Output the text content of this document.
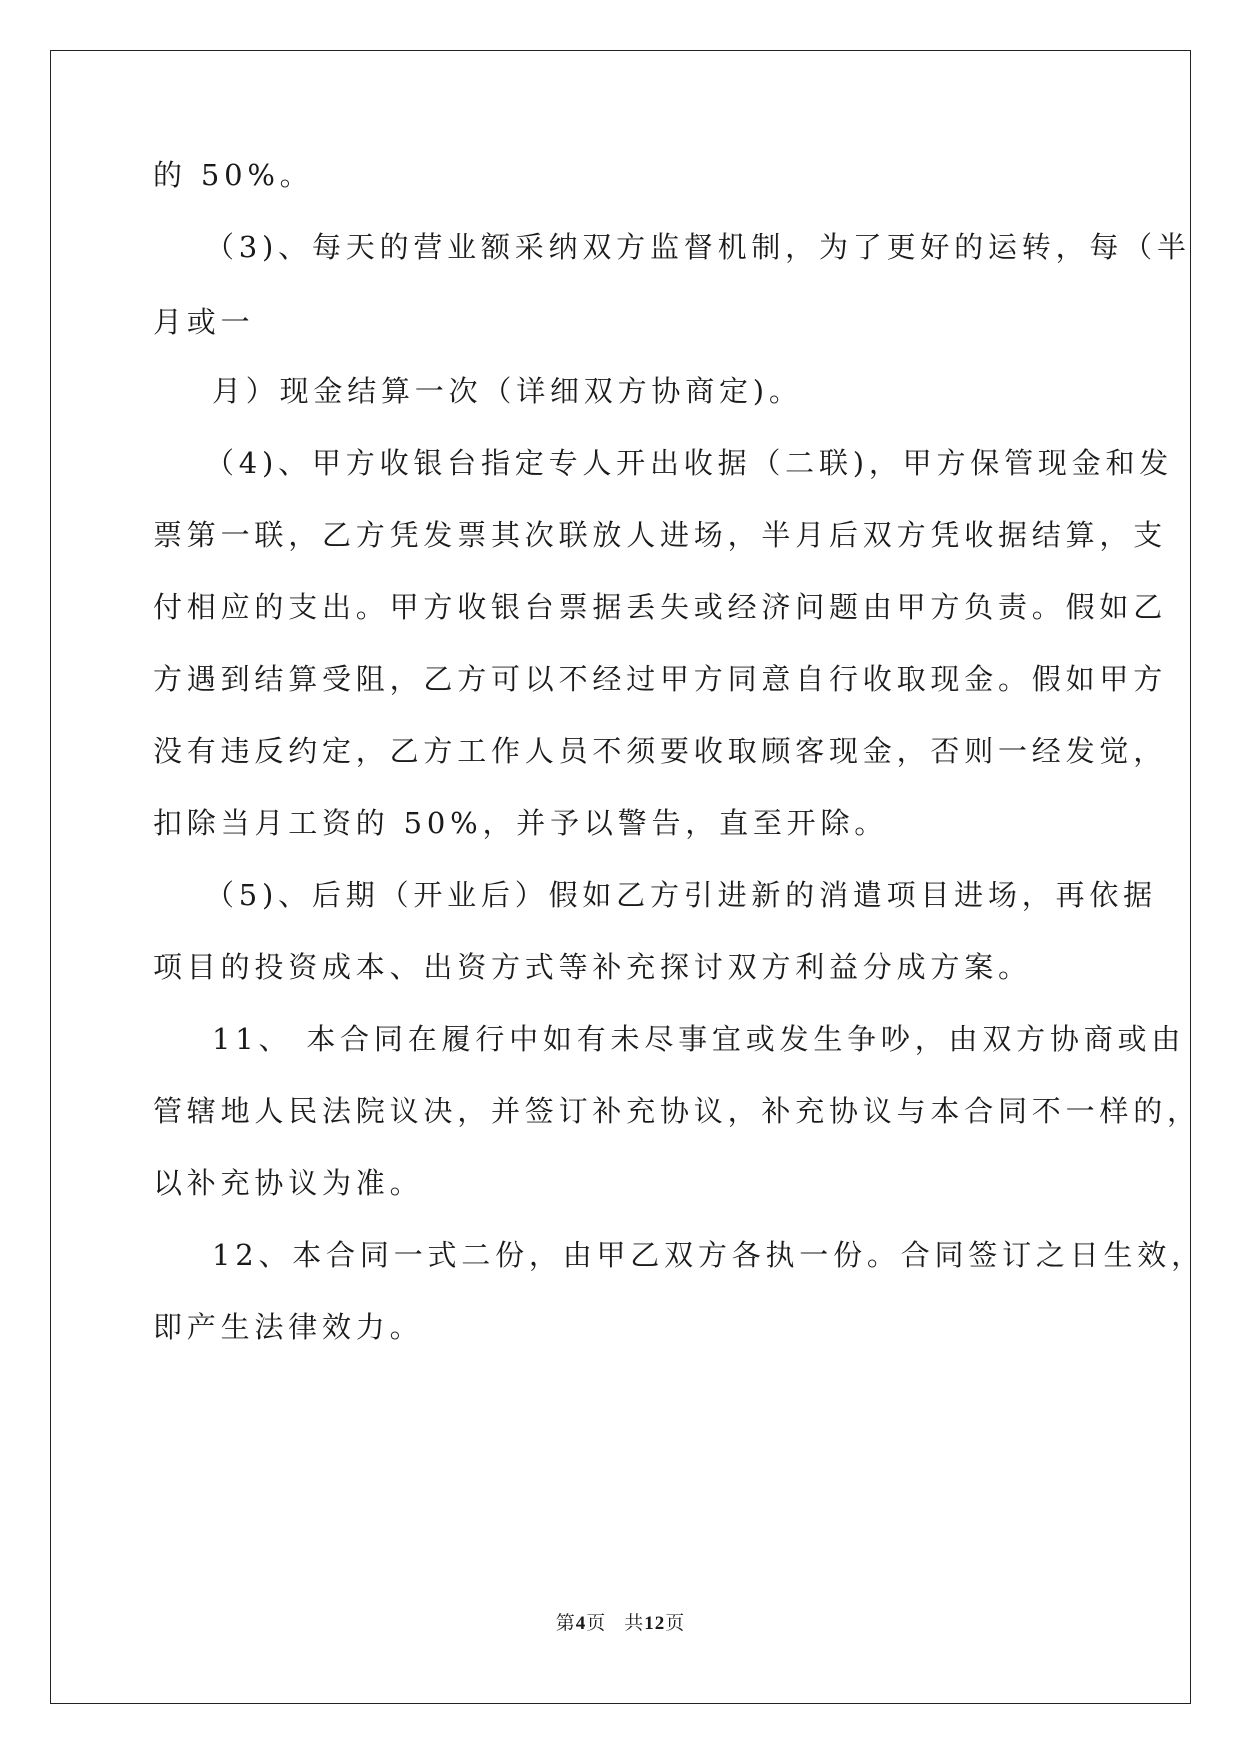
的 50%。
（3)、每天的营业额采纳双方监督机制，为了更好的运转，每（半
月或一
月）现金结算一次（详细双方协商定)。
（4)、甲方收银台指定专人开出收据（二联)，甲方保管现金和发
票第一联，乙方凭发票其次联放人进场，半月后双方凭收据结算，支
付相应的支出。甲方收银台票据丢失或经济问题由甲方负责。假如乙
方遇到结算受阻，乙方可以不经过甲方同意自行收取现金。假如甲方
没有违反约定，乙方工作人员不须要收取顾客现金，否则一经发觉，
扣除当月工资的 50%，并予以警告，直至开除。
（5)、后期（开业后）假如乙方引进新的消遣项目进场，再依据
项目的投资成本、出资方式等补充探讨双方利益分成方案。
11、 本合同在履行中如有未尽事宜或发生争吵，由双方协商或由
管辖地人民法院议决，并签订补充协议，补充协议与本合同不一样的，
以补充协议为准。
12、本合同一式二份，由甲乙双方各执一份。合同签订之日生效，
即产生法律效力。
第4页 共12页
